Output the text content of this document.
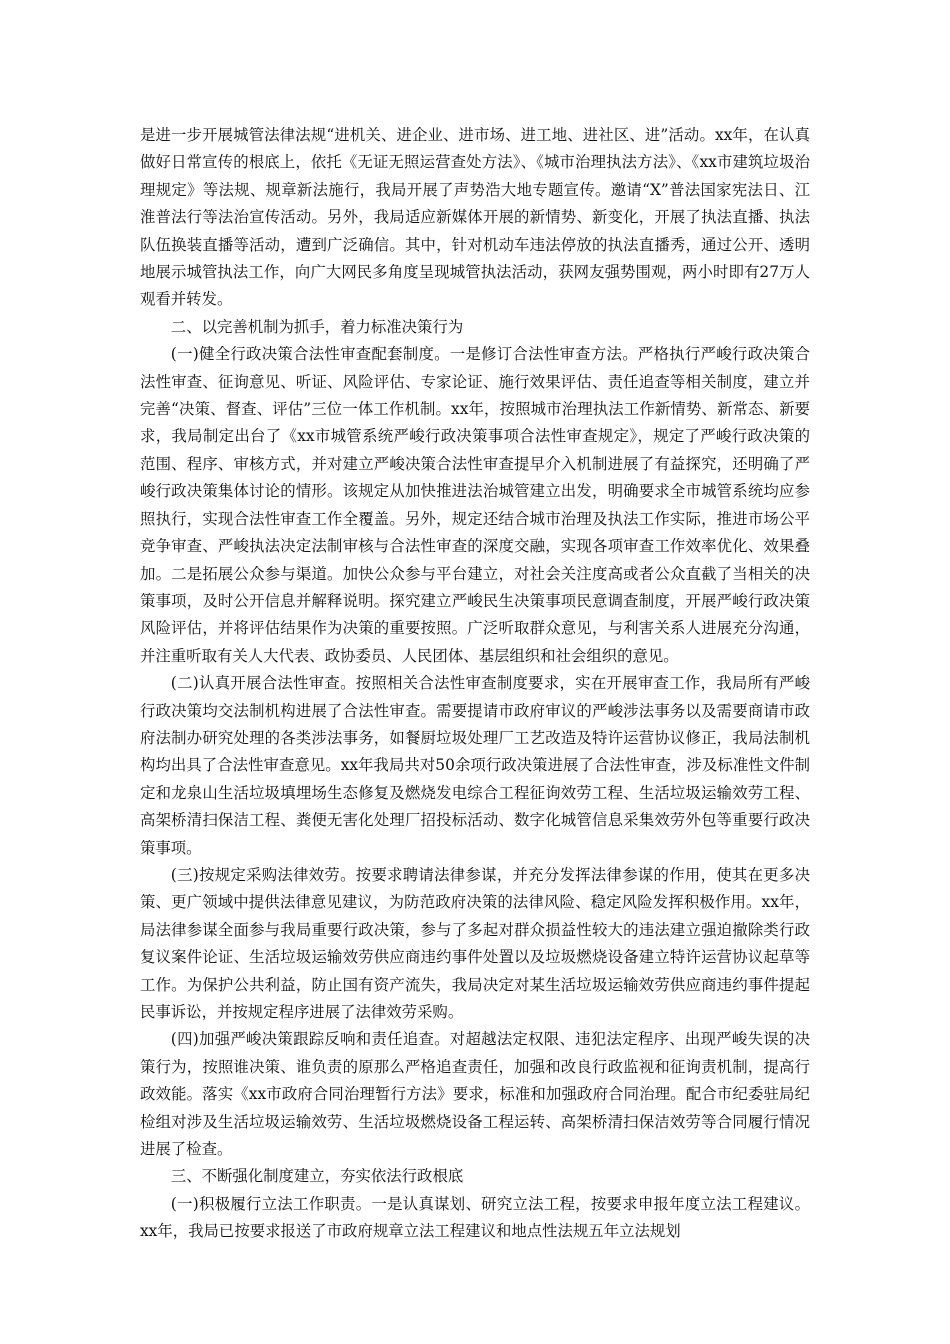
是进一步开展城管法律法规“进机关、进企业、进市场、进工地、进社区、进”活动。xx年，在认真做好日常宣传的根底上，依托《无证无照运营查处方法》、《城市治理执法方法》、《xx市建筑垃圾治理规定》等法规、规章新法施行，我局开展了声势浩大地专题宣传。邀请“X”普法国家宪法日、江淮普法行等法治宣传活动。另外，我局适应新媒体开展的新情势、新变化，开展了执法直播、执法队伍换装直播等活动，遭到广泛确信。其中，针对机动车违法停放的执法直播秀，通过公开、透明地展示城管执法工作，向广大网民多角度呈现城管执法活动，获网友强势围观，两小时即有27万人观看并转发。

二、以完善机制为抓手，着力标准决策行为

(一)健全行政决策合法性审查配套制度。一是修订合法性审查方法。严格执行严峻行政决策合法性审查、征询意见、听证、风险评估、专家论证、施行效果评估、责任追查等相关制度，建立并完善“决策、督查、评估”三位一体工作机制。xx年，按照城市治理执法工作新情势、新常态、新要求，我局制定出台了《xx市城管系统严峻行政决策事项合法性审查规定》，规定了严峻行政决策的范围、程序、审核方式，并对建立严峻决策合法性审查提早介入机制进展了有益探究，还明确了严峻行政决策集体讨论的情形。该规定从加快推进法治城管建立出发，明确要求全市城管系统均应参照执行，实现合法性审查工作全覆盖。另外，规定还结合城市治理及执法工作实际，推进市场公平竞争审查、严峻执法决定法制审核与合法性审查的深度交融，实现各项审查工作效率优化、效果叠加。二是拓展公众参与渠道。加快公众参与平台建立，对社会关注度高或者公众直截了当相关的决策事项，及时公开信息并解释说明。探究建立严峻民生决策事项民意调查制度，开展严峻行政决策风险评估，并将评估结果作为决策的重要按照。广泛听取群众意见，与利害关系人进展充分沟通，并注重听取有关人大代表、政协委员、人民团体、基层组织和社会组织的意见。

(二)认真开展合法性审查。按照相关合法性审查制度要求，实在开展审查工作，我局所有严峻行政决策均交法制机构进展了合法性审查。需要提请市政府审议的严峻涉法事务以及需要商请市政府法制办研究处理的各类涉法事务，如餐厨垃圾处理厂工艺改造及特许运营协议修正，我局法制机构均出具了合法性审查意见。xx年我局共对50余项行政决策进展了合法性审查，涉及标准性文件制定和龙泉山生活垃圾填埋场生态修复及燃烧发电综合工程征询效劳工程、生活垃圾运输效劳工程、高架桥清扫保洁工程、粪便无害化处理厂招投标活动、数字化城管信息采集效劳外包等重要行政决策事项。

(三)按规定采购法律效劳。按要求聘请法律参谋，并充分发挥法律参谋的作用，使其在更多决策、更广领域中提供法律意见建议，为防范政府决策的法律风险、稳定风险发挥积极作用。xx年，局法律参谋全面参与我局重要行政决策，参与了多起对群众损益性较大的违法建立强迫撤除类行政复议案件论证、生活垃圾运输效劳供应商违约事件处置以及垃圾燃烧设备建立特许运营协议起草等工作。为保护公共利益，防止国有资产流失，我局决定对某生活垃圾运输效劳供应商违约事件提起民事诉讼，并按规定程序进展了法律效劳采购。

(四)加强严峻决策跟踪反响和责任追查。对超越法定权限、违犯法定程序、出现严峻失误的决策行为，按照谁决策、谁负责的原那么严格追查责任，加强和改良行政监视和征询责机制，提高行政效能。落实《xx市政府合同治理暂行方法》要求，标准和加强政府合同治理。配合市纪委驻局纪检组对涉及生活垃圾运输效劳、生活垃圾燃烧设备工程运转、高架桥清扫保洁效劳等合同履行情况进展了检查。

三、不断强化制度建立，夯实依法行政根底

(一)积极履行立法工作职责。一是认真谋划、研究立法工程，按要求申报年度立法工程建议。xx年，我局已按要求报送了市政府规章立法工程建议和地点性法规五年立法规划
